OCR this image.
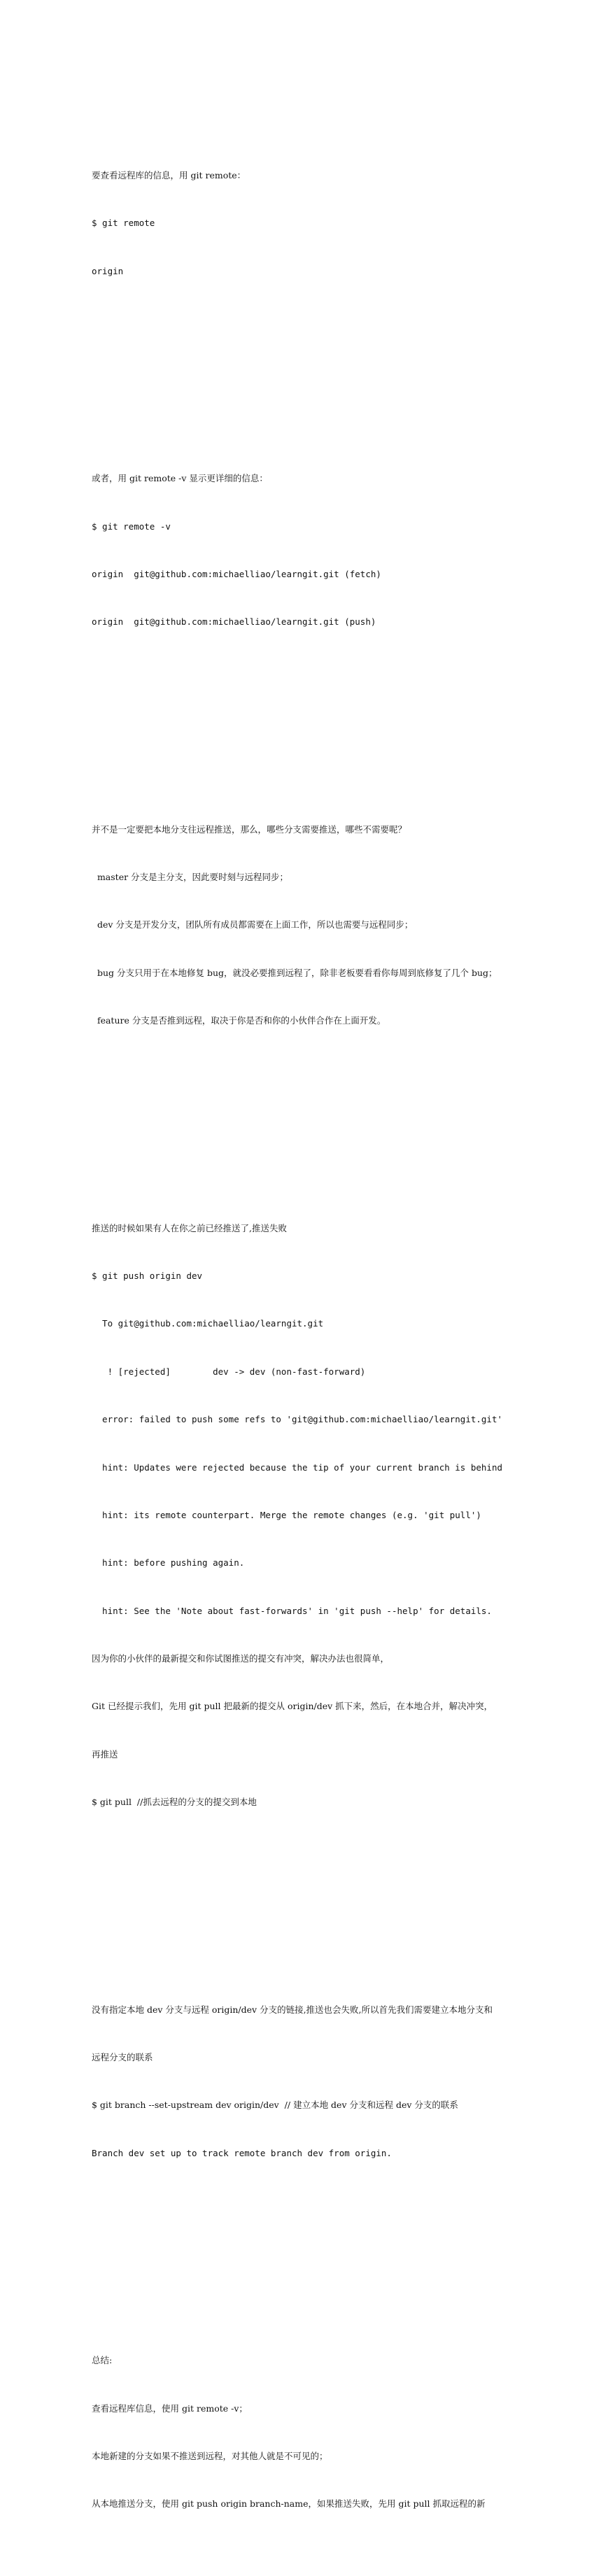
要查看远程库的信息，用 git remote：

$ git remote

origin

或者，用 git remote -v 显示更详细的信息：

$ git remote -v

origin  git@github.com:michaelliao/learngit.git (fetch)

origin  git@github.com:michaelliao/learngit.git (push)

并不是一定要把本地分支往远程推送，那么，哪些分支需要推送，哪些不需要呢？

master 分支是主分支，因此要时刻与远程同步；

dev 分支是开发分支，团队所有成员都需要在上面工作，所以也需要与远程同步；

bug 分支只用于在本地修复 bug，就没必要推到远程了，除非老板要看看你每周到底修复了几个 bug；

feature 分支是否推到远程，取决于你是否和你的小伙伴合作在上面开发。

推送的时候如果有人在你之前已经推送了,推送失败

$ git push origin dev

To git@github.com:michaelliao/learngit.git

! [rejected]        dev -> dev (non-fast-forward)

error: failed to push some refs to 'git@github.com:michaelliao/learngit.git'

hint: Updates were rejected because the tip of your current branch is behind

hint: its remote counterpart. Merge the remote changes (e.g. 'git pull')

hint: before pushing again.

hint: See the 'Note about fast-forwards' in 'git push --help' for details.

因为你的小伙伴的最新提交和你试图推送的提交有冲突，解决办法也很简单，

Git 已经提示我们，先用 git pull 把最新的提交从 origin/dev 抓下来，然后，在本地合并，解决冲突，

再推送

$ git pull  //抓去远程的分支的提交到本地

没有指定本地 dev 分支与远程 origin/dev 分支的链接,推送也会失败,所以首先我们需要建立本地分支和

远程分支的联系

$ git branch --set-upstream dev origin/dev  // 建立本地 dev 分支和远程 dev 分支的联系

Branch dev set up to track remote branch dev from origin.

总结:

查看远程库信息，使用 git remote -v；

本地新建的分支如果不推送到远程，对其他人就是不可见的；

从本地推送分支，使用 git push origin branch-name，如果推送失败，先用 git pull 抓取远程的新
